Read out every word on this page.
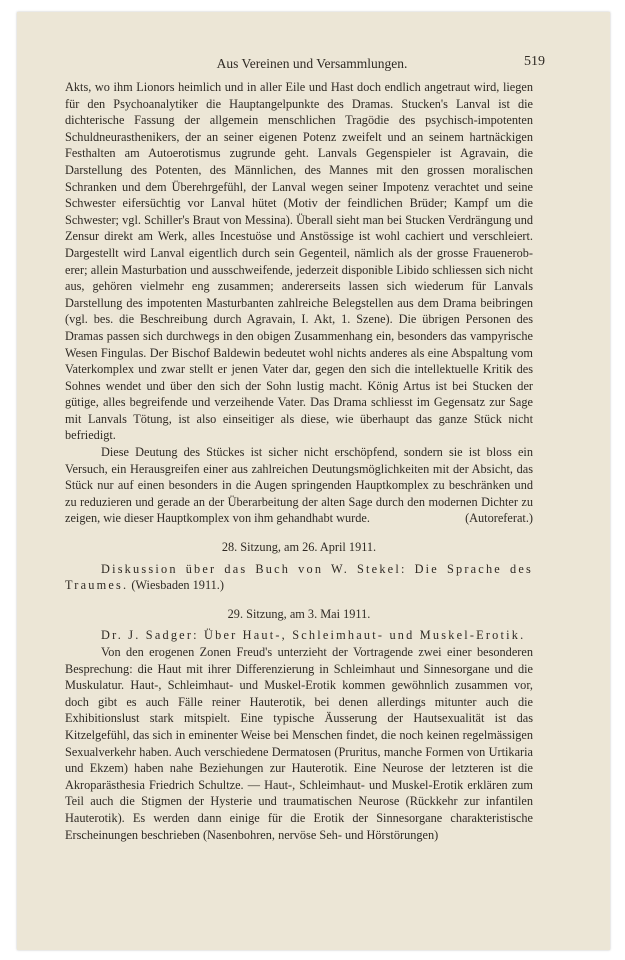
Aus Vereinen und Versammlungen.	519

Akts, wo ihm Lionors heimlich und in aller Eile und Hast doch endlich angetraut wird, liegen für den Psychoanalytiker die Hauptangelpunkte des Dramas. Stucken's Lanval ist die dichterische Fassung der allgemein menschlichen Tragödie des psychisch-impotenten Schuldneurasthenikers, der an seiner eigenen Potenz zweifelt und an seinem hartnäckigen Festhalten am Autoerotismus zugrunde geht. Lanvals Gegenspieler ist Agravain, die Darstellung des Potenten, des Männlichen, des Mannes mit den grossen moralischen Schranken und dem Überehrgefühl, der Lanval wegen seiner Impotenz verachtet und seine Schwester eifersüchtig vor Lanval hütet (Motiv der feindlichen Brüder; Kampf um die Schwester; vgl. Schiller's Braut von Messina). Überall sieht man bei Stucken Verdrängung und Zensur direkt am Werk, alles Incestuöse und Anstössige ist wohl cachiert und verschleiert. Dargestellt wird Lanval eigentlich durch sein Gegenteil, nämlich als der grosse Fraueneroberer; allein Masturbation und ausschweifende, jederzeit disponible Libido schliessen sich nicht aus, gehören vielmehr eng zusammen; andererseits lassen sich wiederum für Lanvals Darstellung des impotenten Masturbanten zahlreiche Belegstellen aus dem Drama beibringen (vgl. bes. die Beschreibung durch Agravain, I. Akt, 1. Szene). Die übrigen Personen des Dramas passen sich durchwegs in den obigen Zusammenhang ein, besonders das vampyrische Wesen Fingulas. Der Bischof Baldewin bedeutet wohl nichts anderes als eine Abspaltung vom Vaterkomplex und zwar stellt er jenen Vater dar, gegen den sich die intellektuelle Kritik des Sohnes wendet und über den sich der Sohn lustig macht. König Artus ist bei Stucken der gütige, alles begreifende und verzeihende Vater. Das Drama schliesst im Gegensatz zur Sage mit Lanvals Tötung, ist also einseitiger als diese, wie überhaupt das ganze Stück nicht befriedigt.

Diese Deutung des Stückes ist sicher nicht erschöpfend, sondern sie ist bloss ein Versuch, ein Herausgreifen einer aus zahlreichen Deutungsmöglichkeiten mit der Absicht, das Stück nur auf einen besonders in die Augen springenden Hauptkomplex zu beschränken und zu reduzieren und gerade an der Überarbeitung der alten Sage durch den modernen Dichter zu zeigen, wie dieser Hauptkomplex von ihm gehandhabt wurde.	(Autoreferat.)

28. Sitzung, am 26. April 1911.

Diskussion über das Buch von W. Stekel: Die Sprache des Traumes. (Wiesbaden 1911.)

29. Sitzung, am 3. Mai 1911.

Dr. J. Sadger: Über Haut-, Schleimhaut- und Muskel-Erotik.

Von den erogenen Zonen Freud's unterzieht der Vortragende zwei einer besonderen Besprechung: die Haut mit ihrer Differenzierung in Schleimhaut und Sinnesorgane und die Muskulatur. Haut-, Schleimhaut- und Muskel-Erotik kommen gewöhnlich zusammen vor, doch gibt es auch Fälle reiner Hauterotik, bei denen allerdings mitunter auch die Exhibitionslust stark mitspielt. Eine typische Äusserung der Hautsexualität ist das Kitzelgefühl, das sich in eminenter Weise bei Menschen findet, die noch keinen regelmässigen Sexualverkehr haben. Auch verschiedene Dermatosen (Pruritus, manche Formen von Urtikaria und Ekzem) haben nahe Beziehungen zur Hauterotik. Eine Neurose der letzteren ist die Akroparästhesia Friedrich Schultze. — Haut-, Schleimhaut- und Muskel-Erotik erklären zum Teil auch die Stigmen der Hysterie und traumatischen Neurose (Rückkehr zur infantilen Hauterotik). Es werden dann einige für die Erotik der Sinnesorgane charakteristische Erscheinungen beschrieben (Nasenbohren, nervöse Seh- und Hörstörungen)
